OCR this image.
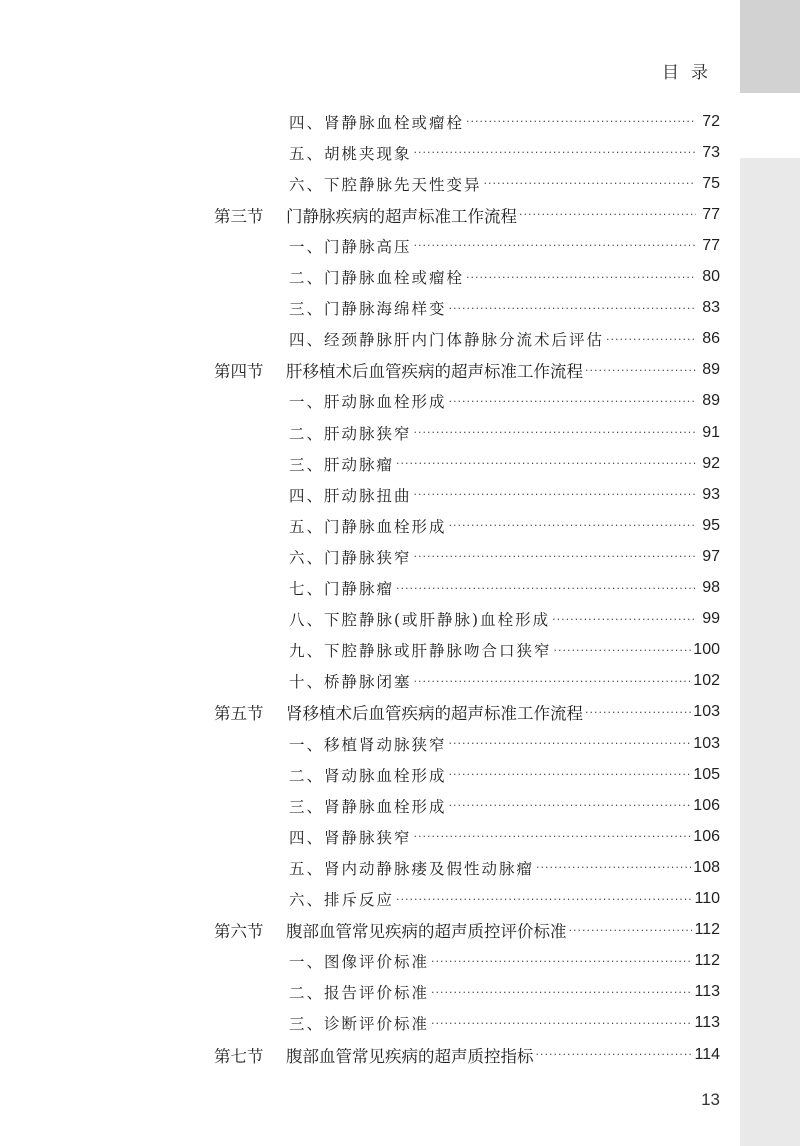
目录
四、肾静脉血栓或瘤栓 ·····	72
五、胡桃夹现象 ·····	73
六、下腔静脉先天性变异 ·····	75
第三节	门静脉疾病的超声标准工作流程 ·····	77
一、门静脉高压 ·····	77
二、门静脉血栓或瘤栓 ·····	80
三、门静脉海绵样变 ·····	83
四、经颈静脉肝内门体静脉分流术后评估 ·····	86
第四节	肝移植术后血管疾病的超声标准工作流程 ·····	89
一、肝动脉血栓形成 ·····	89
二、肝动脉狭窄 ·····	91
三、肝动脉瘤 ·····	92
四、肝动脉扭曲 ·····	93
五、门静脉血栓形成 ·····	95
六、门静脉狭窄 ·····	97
七、门静脉瘤 ·····	98
八、下腔静脉(或肝静脉)血栓形成 ·····	99
九、下腔静脉或肝静脉吻合口狭窄 ·····	100
十、桥静脉闭塞 ·····	102
第五节	肾移植术后血管疾病的超声标准工作流程 ·····	103
一、移植肾动脉狭窄 ·····	103
二、肾动脉血栓形成 ·····	105
三、肾静脉血栓形成 ·····	106
四、肾静脉狭窄 ·····	106
五、肾内动静脉瘘及假性动脉瘤 ·····	108
六、排斥反应 ·····	110
第六节	腹部血管常见疾病的超声质控评价标准 ·····	112
一、图像评价标准 ·····	112
二、报告评价标准 ·····	113
三、诊断评价标准 ·····	113
第七节	腹部血管常见疾病的超声质控指标 ·····	114
13
